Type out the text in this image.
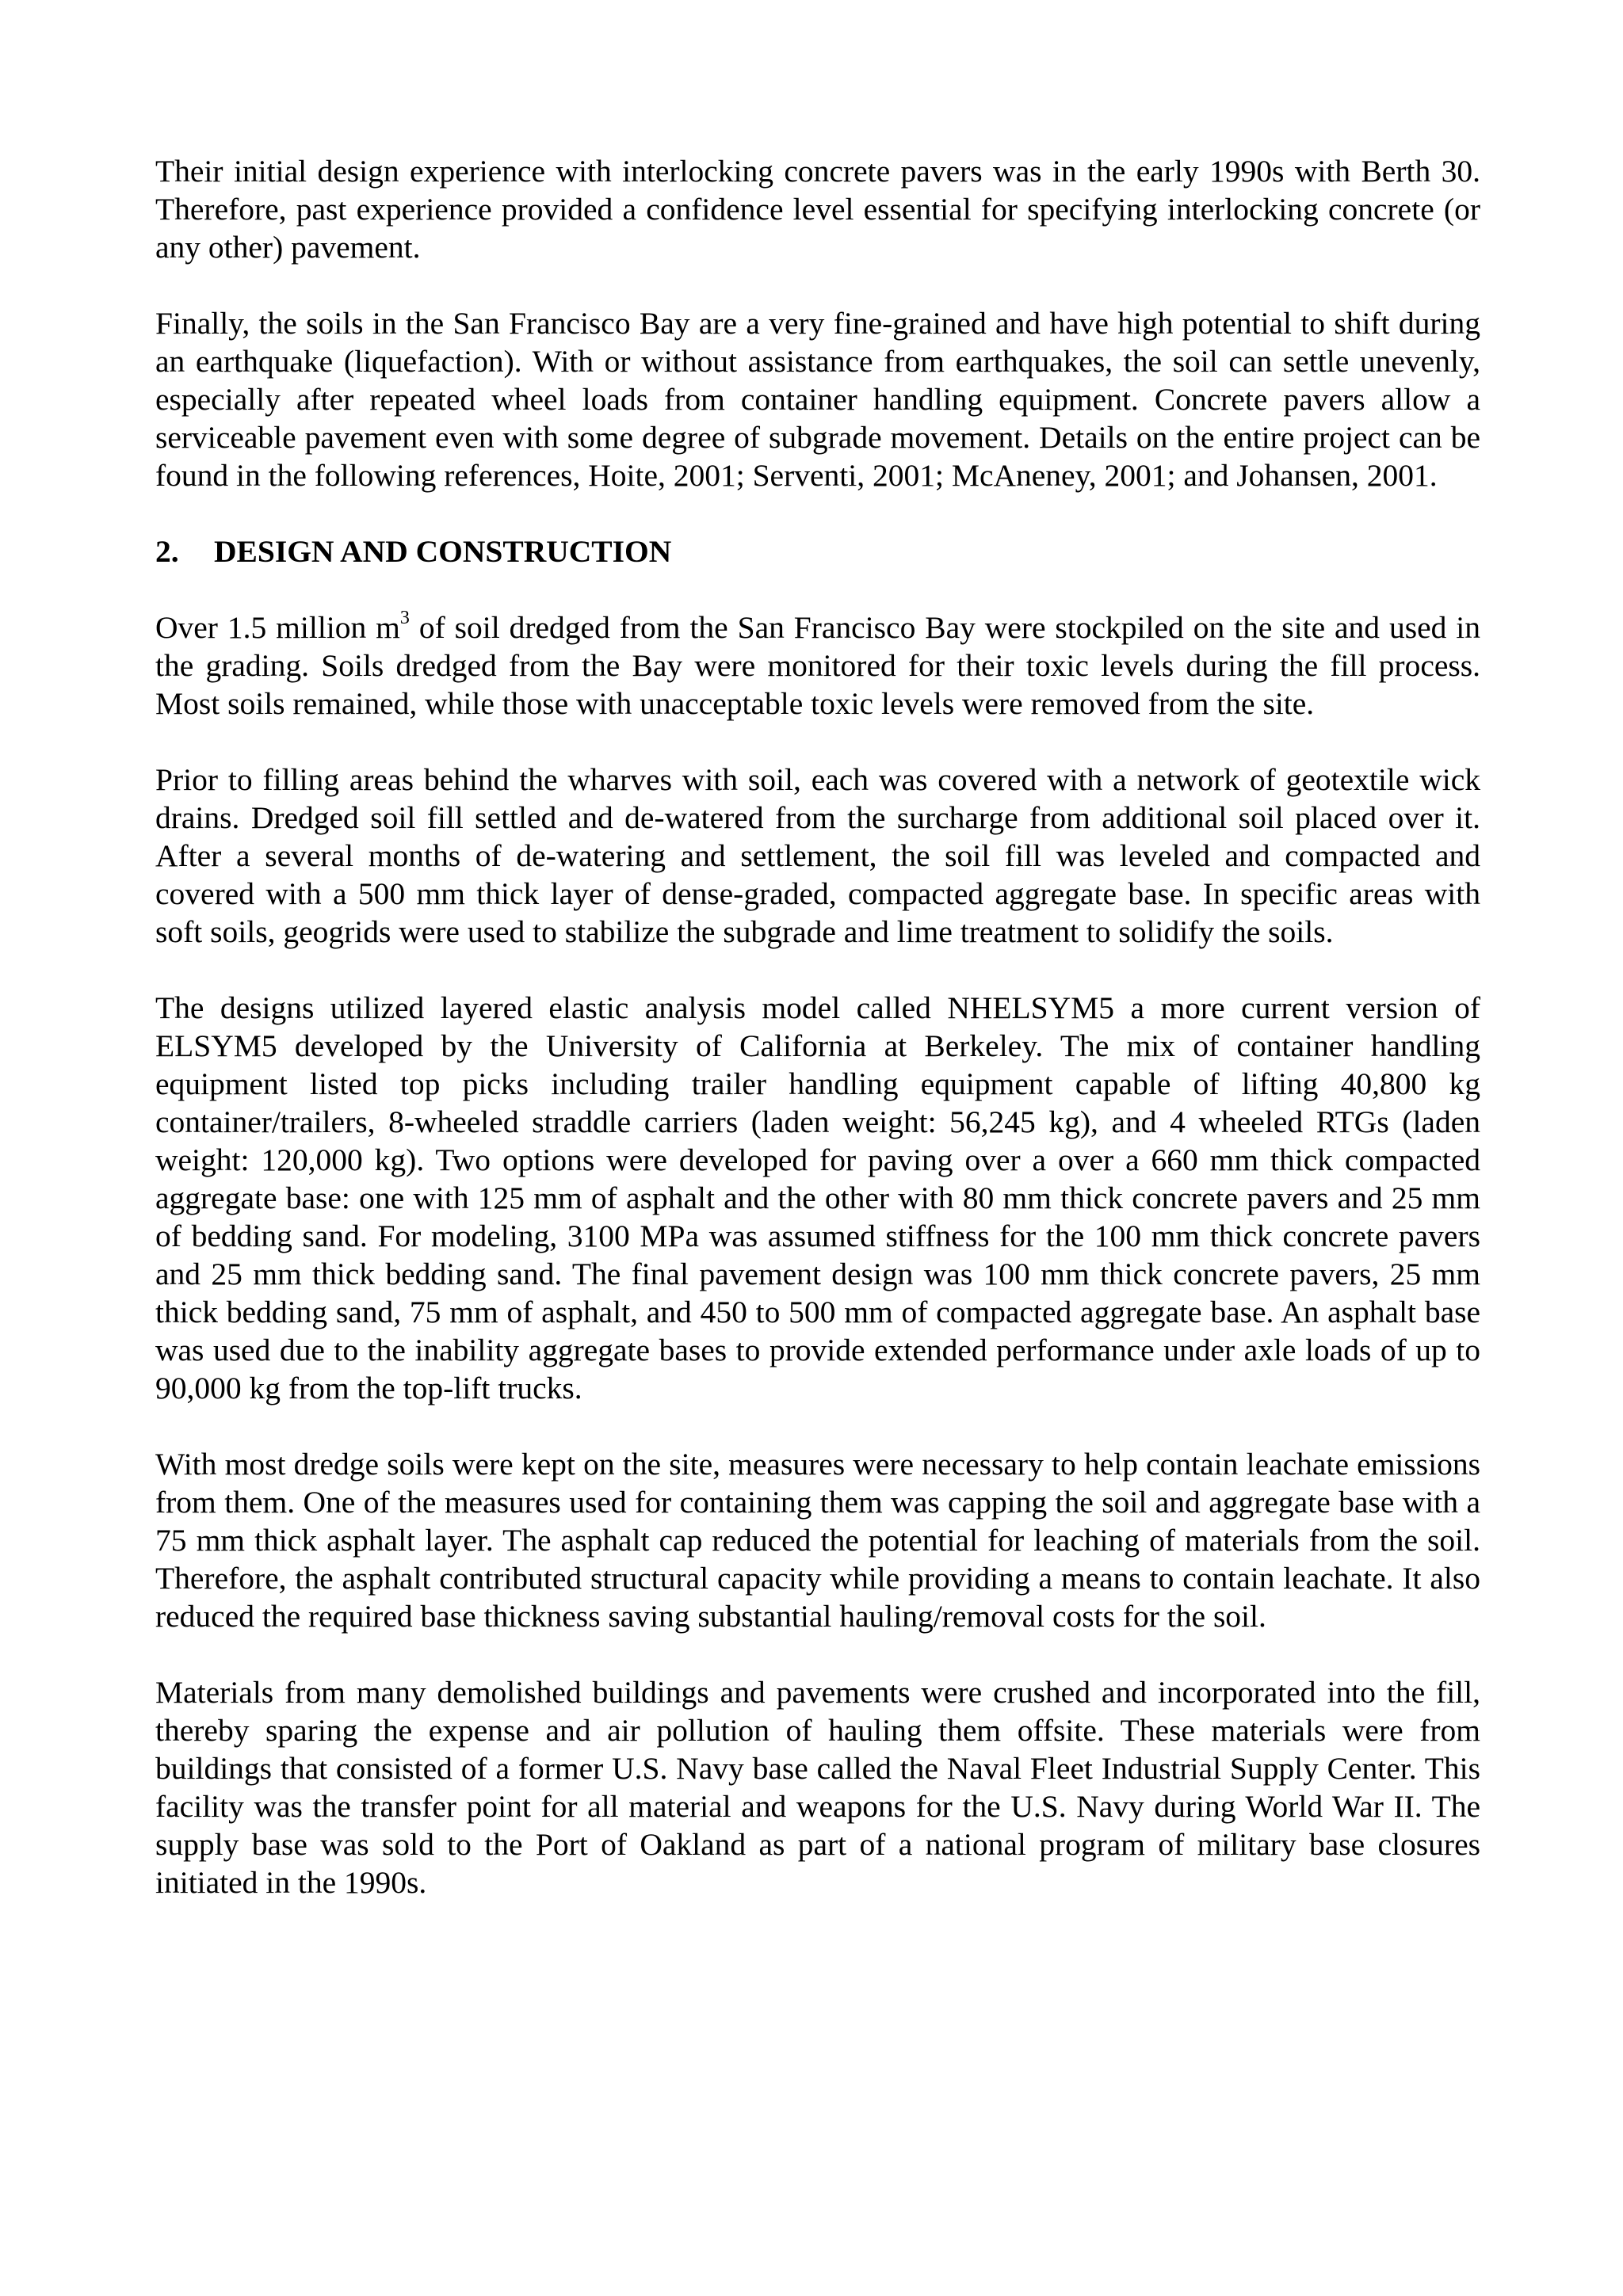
Their initial design experience with interlocking concrete pavers was in the early 1990s with Berth 30. Therefore, past experience provided a confidence level essential for specifying interlocking concrete (or any other) pavement.

Finally, the soils in the San Francisco Bay are a very fine-grained and have high potential to shift during an earthquake (liquefaction). With or without assistance from earthquakes, the soil can settle unevenly, especially after repeated wheel loads from container handling equipment. Concrete pavers allow a serviceable pavement even with some degree of subgrade movement. Details on the entire project can be found in the following references, Hoite, 2001; Serventi, 2001; McAneney, 2001; and Johansen, 2001.

2. DESIGN AND CONSTRUCTION

Over 1.5 million $m^3$ of soil dredged from the San Francisco Bay were stockpiled on the site and used in the grading. Soils dredged from the Bay were monitored for their toxic levels during the fill process. Most soils remained, while those with unacceptable toxic levels were removed from the site.

Prior to filling areas behind the wharves with soil, each was covered with a network of geotextile wick drains. Dredged soil fill settled and de-watered from the surcharge from additional soil placed over it. After a several months of de-watering and settlement, the soil fill was leveled and compacted and covered with a 500 mm thick layer of dense-graded, compacted aggregate base. In specific areas with soft soils, geogrids were used to stabilize the subgrade and lime treatment to solidify the soils.

The designs utilized layered elastic analysis model called NHELSYM5 a more current version of ELSYM5 developed by the University of California at Berkeley. The mix of container handling equipment listed top picks including trailer handling equipment capable of lifting 40,800 kg container/trailers, 8-wheeled straddle carriers (laden weight: 56,245 kg), and 4 wheeled RTGs (laden weight: 120,000 kg). Two options were developed for paving over a over a 660 mm thick compacted aggregate base: one with 125 mm of asphalt and the other with 80 mm thick concrete pavers and 25 mm of bedding sand. For modeling, 3100 MPa was assumed stiffness for the 100 mm thick concrete pavers and 25 mm thick bedding sand. The final pavement design was 100 mm thick concrete pavers, 25 mm thick bedding sand, 75 mm of asphalt, and 450 to 500 mm of compacted aggregate base. An asphalt base was used due to the inability aggregate bases to provide extended performance under axle loads of up to 90,000 kg from the top-lift trucks.

With most dredge soils were kept on the site, measures were necessary to help contain leachate emissions from them. One of the measures used for containing them was capping the soil and aggregate base with a 75 mm thick asphalt layer. The asphalt cap reduced the potential for leaching of materials from the soil. Therefore, the asphalt contributed structural capacity while providing a means to contain leachate. It also reduced the required base thickness saving substantial hauling/removal costs for the soil.

Materials from many demolished buildings and pavements were crushed and incorporated into the fill, thereby sparing the expense and air pollution of hauling them offsite. These materials were from buildings that consisted of a former U.S. Navy base called the Naval Fleet Industrial Supply Center. This facility was the transfer point for all material and weapons for the U.S. Navy during World War II. The supply base was sold to the Port of Oakland as part of a national program of military base closures initiated in the 1990s.
